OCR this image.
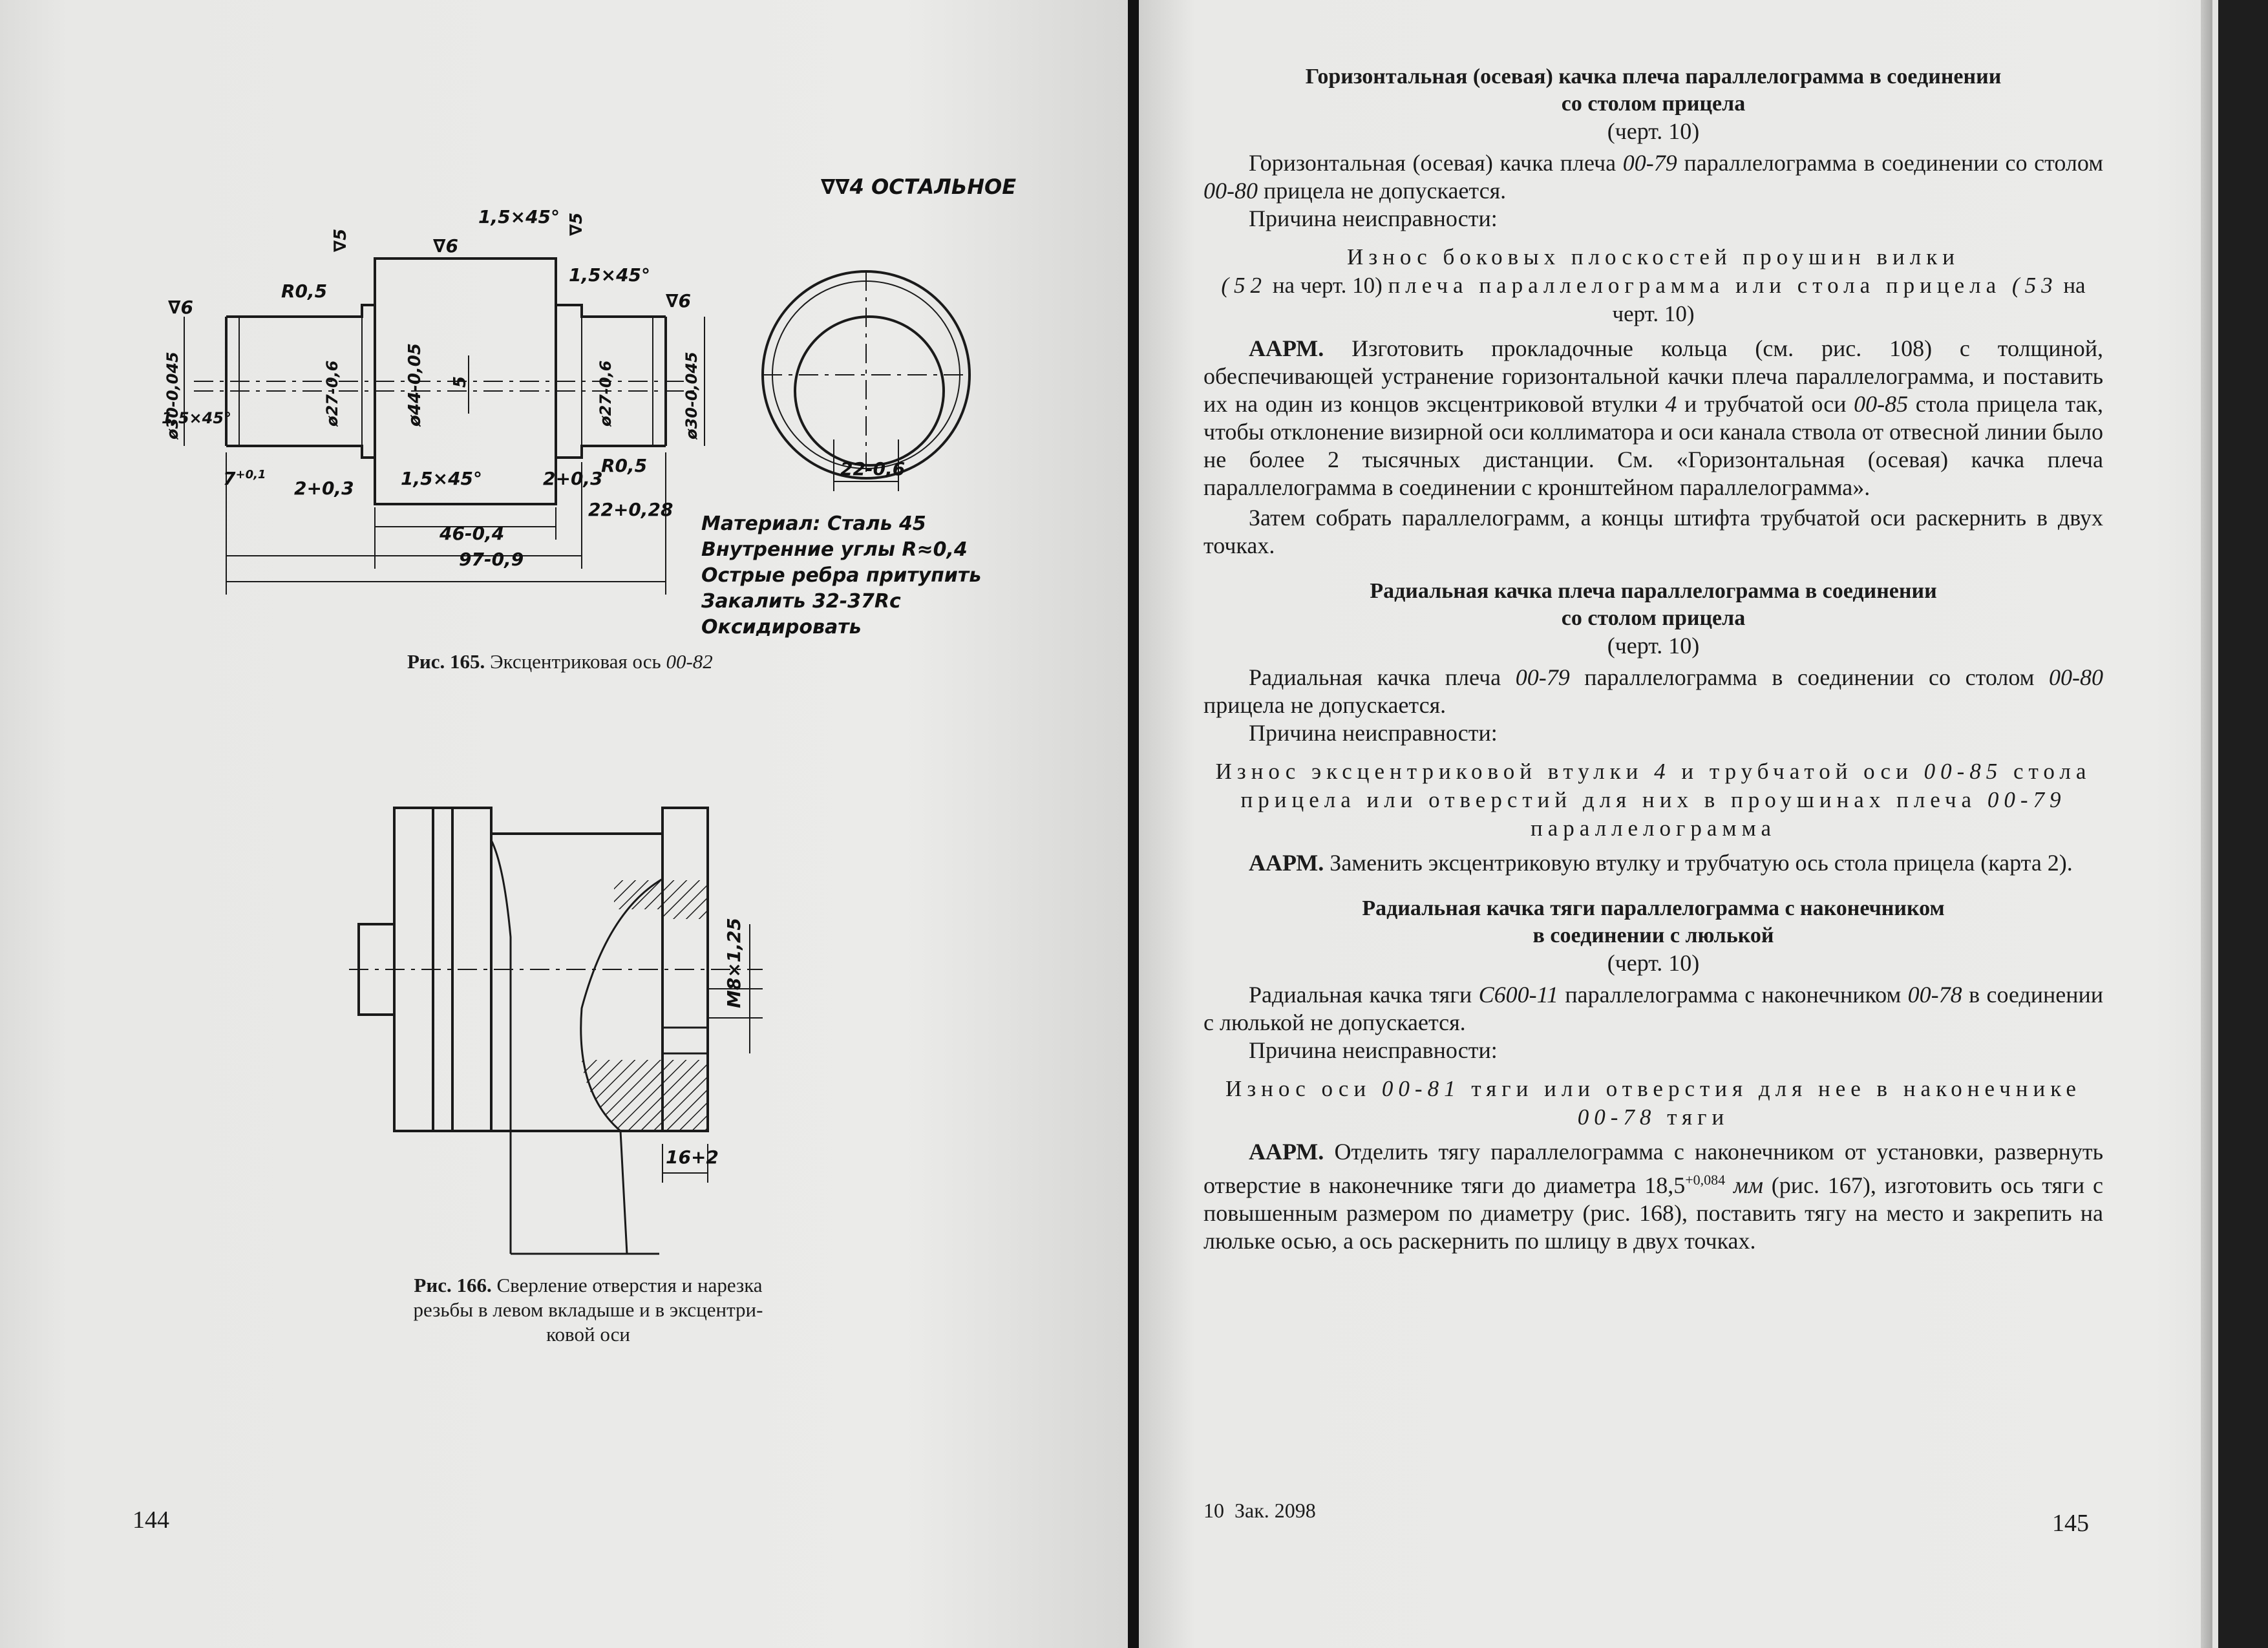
∇∇4 ОСТАЛЬНОЕ
1,5×45°
∇6
1,5×45°
∇6
∇6
R0,5
ø30-0,045	ø27-0,6	ø44-0,05 5	ø27-0,6	ø30-0,045
1,5×45°
$7^{+0,1}$
2+0,3	1,5×45°	2+0,3
R0,5
46-0,4
22+0,28
97-0,9
∇5
∇5
22-0,6
Материал: Сталь 45
Внутренние углы R≈0,4
Острые ребра притупить
Закалить 32-37Rc
Оксидировать
Рис. 165. Эксцентриковая ось 00-82
M8×1,25
16+2
Рис. 166. Сверление отверстия и нарезка
резьбы в левом вкладыше и в эксцентри-
ковой оси
144
Горизонтальная (осевая) качка плеча параллелограмма в соединении
со столом прицела
(черт. 10)
Горизонтальная (осевая) качка плеча 00-79 параллелограмма в соединении со столом 00-80 прицела не допускается.
Причина неисправности:
Износ боковых плоскостей проушин вилки
(52 на черт. 10) плеча параллелограмма или стола прицела (53 на черт. 10)
ААРМ. Изготовить прокладочные кольца (см. рис. 108) с толщиной, обеспечивающей устранение горизонтальной качки плеча параллелограмма, и поставить их на один из концов эксцентриковой втулки 4 и трубчатой оси 00-85 стола прицела так, чтобы отклонение визирной оси коллиматора и оси канала ствола от отвесной линии было не более 2 тысячных дистанции. См. «Горизонтальная (осевая) качка плеча параллелограмма в соединении с кронштейном параллелограмма».
Затем собрать параллелограмм, а концы штифта трубчатой оси раскернить в двух точках.
Радиальная качка плеча параллелограмма в соединении
со столом прицела
(черт. 10)
Радиальная качка плеча 00-79 параллелограмма в соединении со столом 00-80 прицела не допускается.
Причина неисправности:
Износ эксцентриковой втулки 4 и трубчатой оси 00-85 стола прицела или отверстий для них в проушинах плеча 00-79 параллелограмма
ААРМ. Заменить эксцентриковую втулку и трубчатую ось стола прицела (карта 2).
Радиальная качка тяги параллелограмма с наконечником
в соединении с люлькой
(черт. 10)
Радиальная качка тяги С600-11 параллелограмма с наконечником 00-78 в соединении с люлькой не допускается.
Причина неисправности:
Износ оси 00-81 тяги или отверстия для нее в наконечнике 00-78 тяги
ААРМ. Отделить тягу параллелограмма с наконечником от установки, развернуть отверстие в наконечнике тяги до диаметра $18,5^{+0,084}$ мм (рис. 167), изготовить ось тяги с повышенным размером по диаметру (рис. 168), поставить тягу на место и закрепить на люльке осью, а ось раскернить по шлицу в двух точках.
10  Зак. 2098	145
